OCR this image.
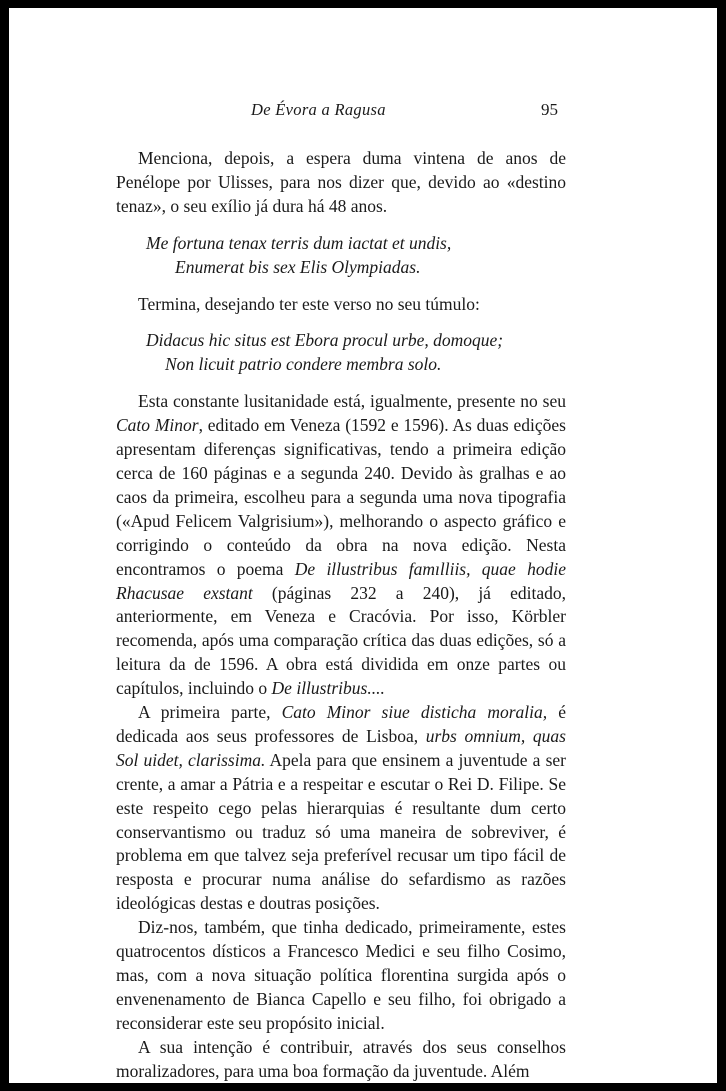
De Évora a Ragusa	95

Menciona, depois, a espera duma vintena de anos de Penélope por Ulisses, para nos dizer que, devido ao «destino tenaz», o seu exílio já dura há 48 anos.

Me fortuna tenax terris dum iactat et undis,
Enumerat bis sex Elis Olympiadas.

Termina, desejando ter este verso no seu túmulo:

Didacus hic situs est Ebora procul urbe, domoque;
Non licuit patrio condere membra solo.

Esta constante lusitanidade está, igualmente, presente no seu Cato Minor, editado em Veneza (1592 e 1596). As duas edições apresentam diferenças significativas, tendo a primeira edição cerca de 160 páginas e a segunda 240. Devido às gralhas e ao caos da primeira, escolheu para a segunda uma nova tipografia («Apud Felicem Valgrisium»), melhorando o aspecto gráfico e corrigindo o conteúdo da obra na nova edição. Nesta encontramos o poema De illustribus famılliis, quae hodie Rhacusae exstant (páginas 232 a 240), já editado, anteriormente, em Veneza e Cracóvia. Por isso, Körbler recomenda, após uma comparação crítica das duas edições, só a leitura da de 1596. A obra está dividida em onze partes ou capítulos, incluindo o De illustribus....

A primeira parte, Cato Minor siue disticha moralia, é dedicada aos seus professores de Lisboa, urbs omnium, quas Sol uidet, clarissima. Apela para que ensinem a juventude a ser crente, a amar a Pátria e a respeitar e escutar o Rei D. Filipe. Se este respeito cego pelas hierarquias é resultante dum certo conservantismo ou traduz só uma maneira de sobreviver, é problema em que talvez seja preferível recusar um tipo fácil de resposta e procurar numa análise do sefardismo as razões ideológicas destas e doutras posições.

Diz-nos, também, que tinha dedicado, primeiramente, estes quatrocentos dísticos a Francesco Medici e seu filho Cosimo, mas, com a nova situação política florentina surgida após o envenenamento de Bianca Capello e seu filho, foi obrigado a reconsiderar este seu propósito inicial.

A sua intenção é contribuir, através dos seus conselhos moralizadores, para uma boa formação da juventude. Além
